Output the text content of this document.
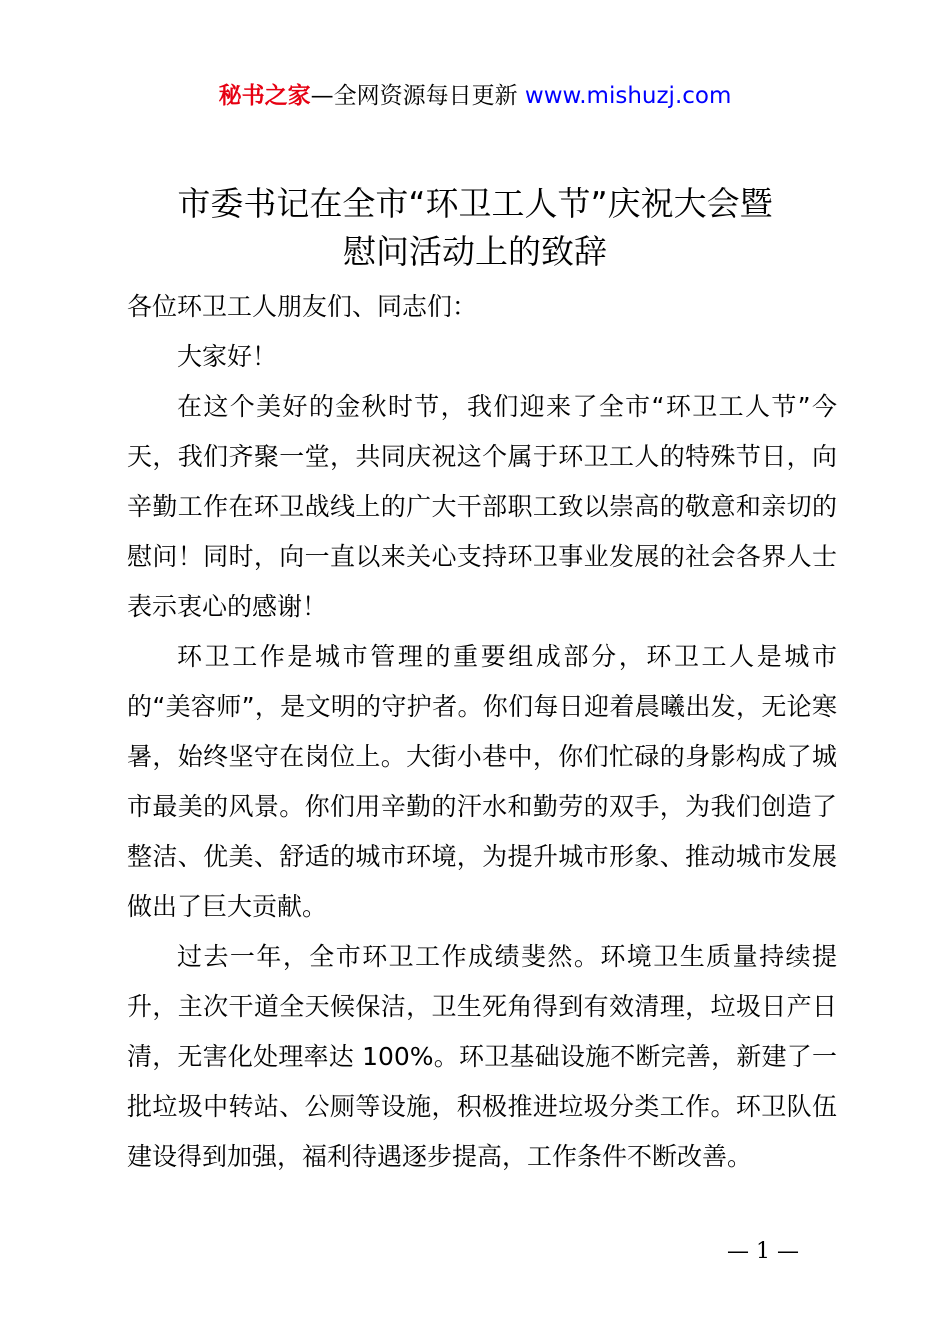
秘书之家—全网资源每日更新 www.mishuzj.com
市委书记在全市“环卫工人节”庆祝大会暨
慰问活动上的致辞

各位环卫工人朋友们、同志们：

大家好！

在这个美好的金秋时节，我们迎来了全市“环卫工人节”今天，我们齐聚一堂，共同庆祝这个属于环卫工人的特殊节日，向辛勤工作在环卫战线上的广大干部职工致以崇高的敬意和亲切的慰问！同时，向一直以来关心支持环卫事业发展的社会各界人士表示衷心的感谢！

环卫工作是城市管理的重要组成部分，环卫工人是城市的“美容师”，是文明的守护者。你们每日迎着晨曦出发，无论寒暑，始终坚守在岗位上。大街小巷中，你们忙碌的身影构成了城市最美的风景。你们用辛勤的汗水和勤劳的双手，为我们创造了整洁、优美、舒适的城市环境，为提升城市形象、推动城市发展做出了巨大贡献。

过去一年，全市环卫工作成绩斐然。环境卫生质量持续提升，主次干道全天候保洁，卫生死角得到有效清理，垃圾日产日清，无害化处理率达 100%。环卫基础设施不断完善，新建了一批垃圾中转站、公厕等设施，积极推进垃圾分类工作。环卫队伍建设得到加强，福利待遇逐步提高，工作条件不断改善。

— 1 —
